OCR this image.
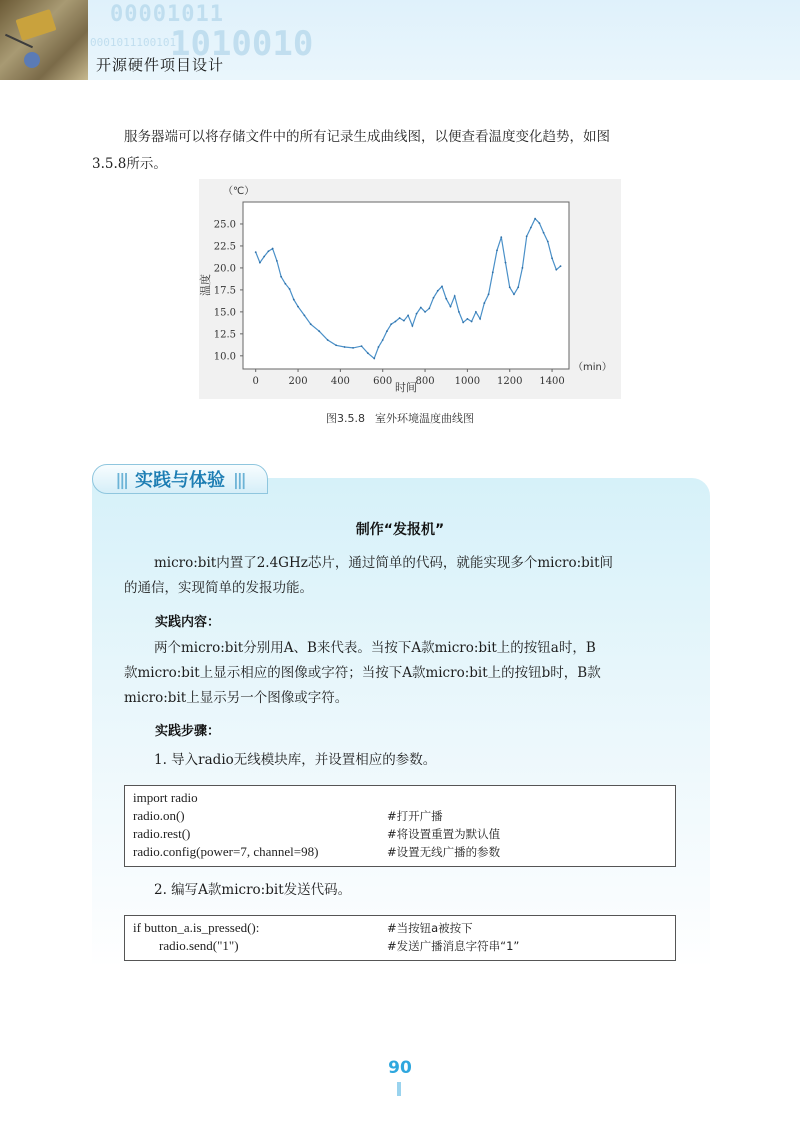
00001011
1010010
0001011100101
开源硬件项目设计
服务器端可以将存储文件中的所有记录生成曲线图，以便查看温度变化趋势，如图
3.5.8所示。
10.0
12.5
15.0
17.5
20.0
22.5
25.0
0	200 400 600 800 1000 1200 1400
（℃）
（min）
时间
温度
图3.5.8 室外环境温度曲线图
||| 实践与体验 |||
制作“发报机”
micro:bit内置了2.4GHz芯片，通过简单的代码，就能实现多个micro:bit间
的通信，实现简单的发报功能。
实践内容：
两个micro:bit分别用A、B来代表。当按下A款micro:bit上的按钮a时，B
款micro:bit上显示相应的图像或字符；当按下A款micro:bit上的按钮b时，B款
micro:bit上显示另一个图像或字符。
实践步骤：
1. 导入radio无线模块库，并设置相应的参数。
import radio
radio.on()	#打开广播
radio.rest()	#将设置重置为默认值
radio.config(power=7, channel=98)	#设置无线广播的参数
2. 编写A款micro:bit发送代码。
if button_a.is_pressed():	#当按钮a被按下
radio.send("1")	#发送广播消息字符串“1”
90
